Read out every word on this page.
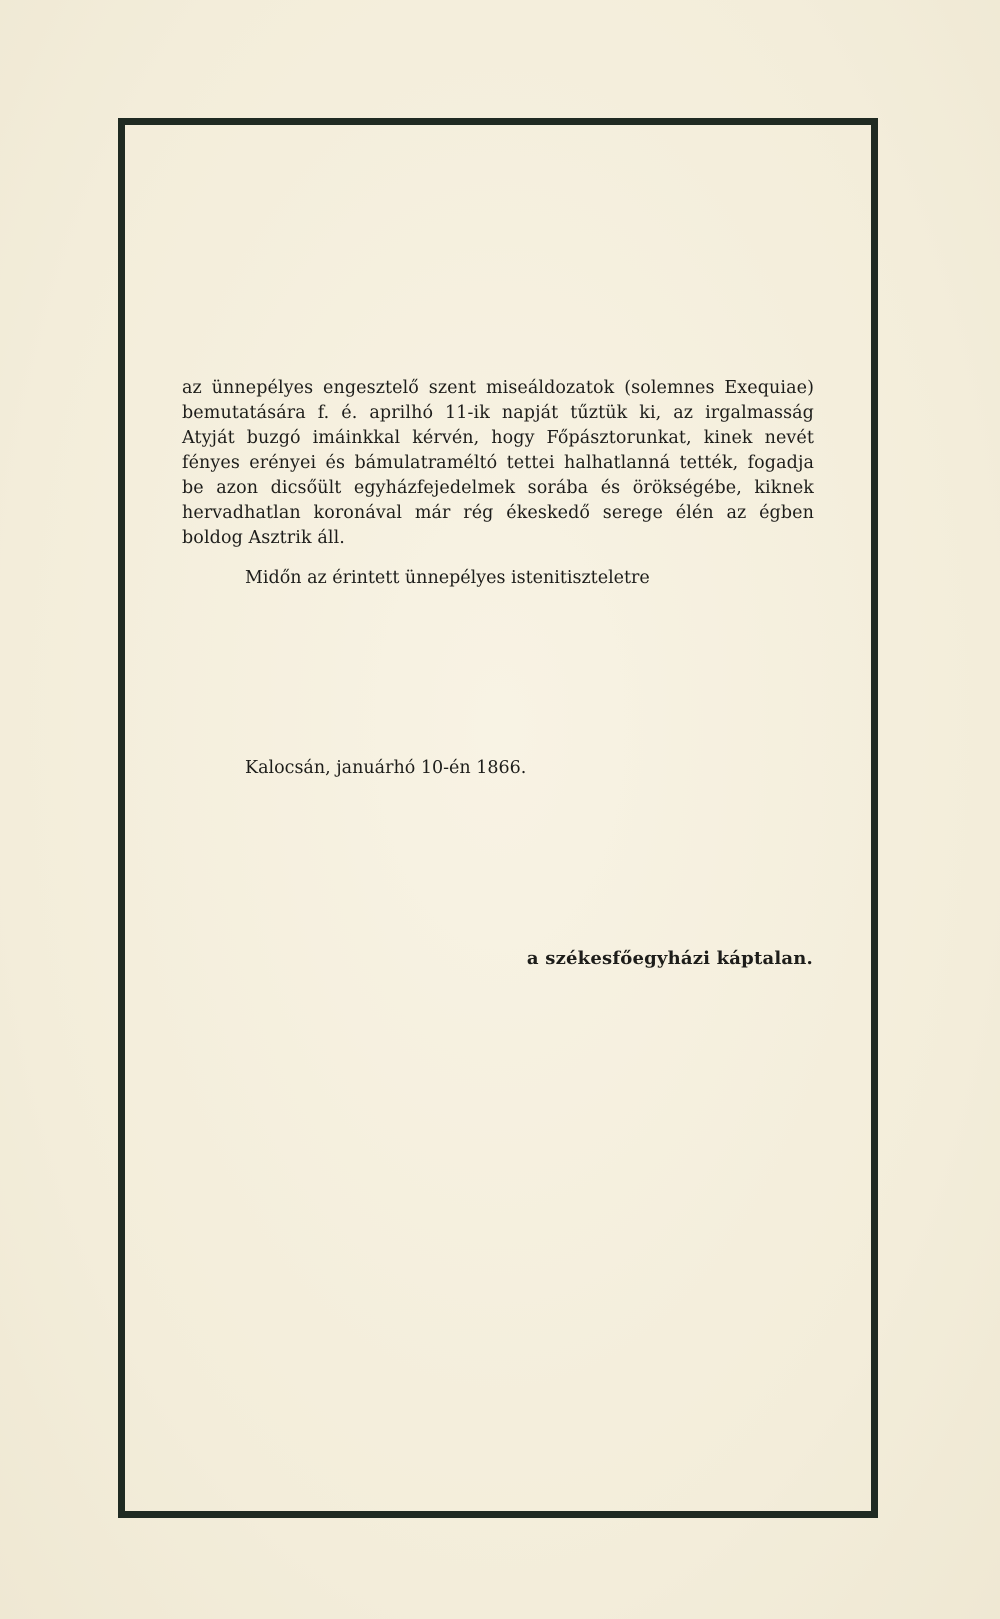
az ünnepélyes engesztelő szent miseáldozatok (solemnes Exequiae) bemutatására f. é. aprilhó 11-ik napját tűztük ki, az irgalmasság Atyját buzgó imáinkkal kérvén, hogy Főpásztorunkat, kinek nevét fényes erényei és bámulatraméltó tettei halhatlanná tették, fogadja be azon dicsőült egyházfejedelmek sorába és örökségébe, kiknek hervadhatlan koronával már rég ékeskedő serege élén az égben boldog Asztrik áll.

Midőn az érintett ünnepélyes istenitiszteletre

Kalocsán, januárhó 10-én 1866.

a székesfőegyházi káptalan.
